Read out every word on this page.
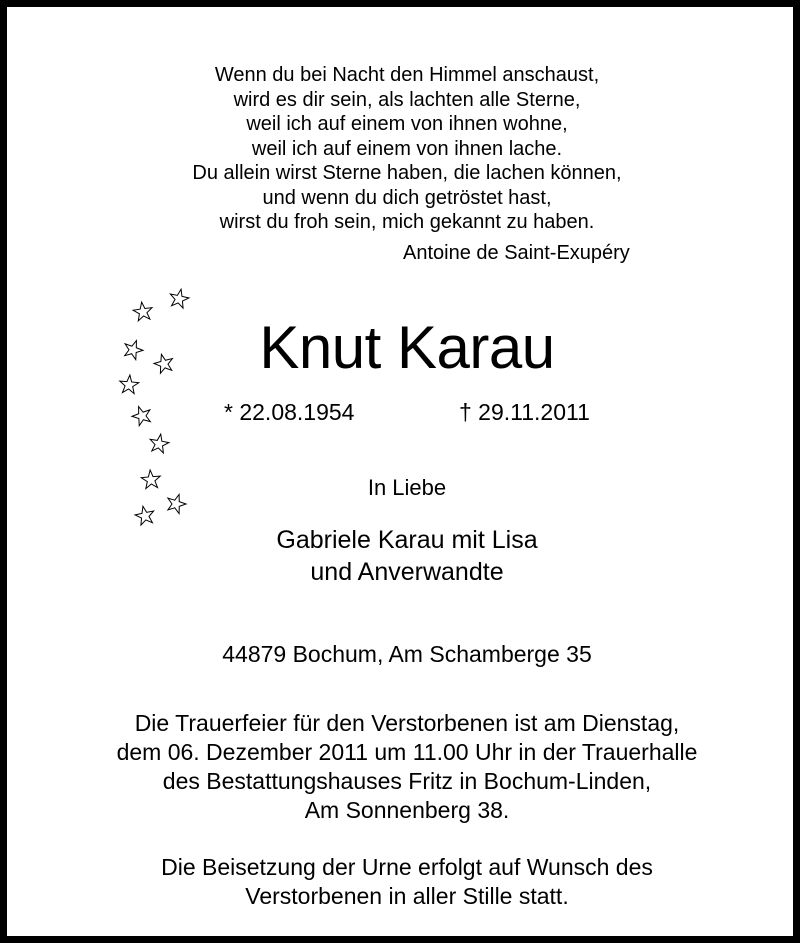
Wenn du bei Nacht den Himmel anschaust,
wird es dir sein, als lachten alle Sterne,
weil ich auf einem von ihnen wohne,
weil ich auf einem von ihnen lache.
Du allein wirst Sterne haben, die lachen können,
und wenn du dich getröstet hast,
wirst du froh sein, mich gekannt zu haben.
Antoine de Saint-Exupéry
Knut Karau
* 22.08.1954	† 29.11.2011
In Liebe
Gabriele Karau mit Lisa
und Anverwandte
44879 Bochum, Am Schamberge 35
Die Trauerfeier für den Verstorbenen ist am Dienstag,
dem 06. Dezember 2011 um 11.00 Uhr in der Trauerhalle
des Bestattungshauses Fritz in Bochum-Linden,
Am Sonnenberg 38.
Die Beisetzung der Urne erfolgt auf Wunsch des
Verstorbenen in aller Stille statt.
